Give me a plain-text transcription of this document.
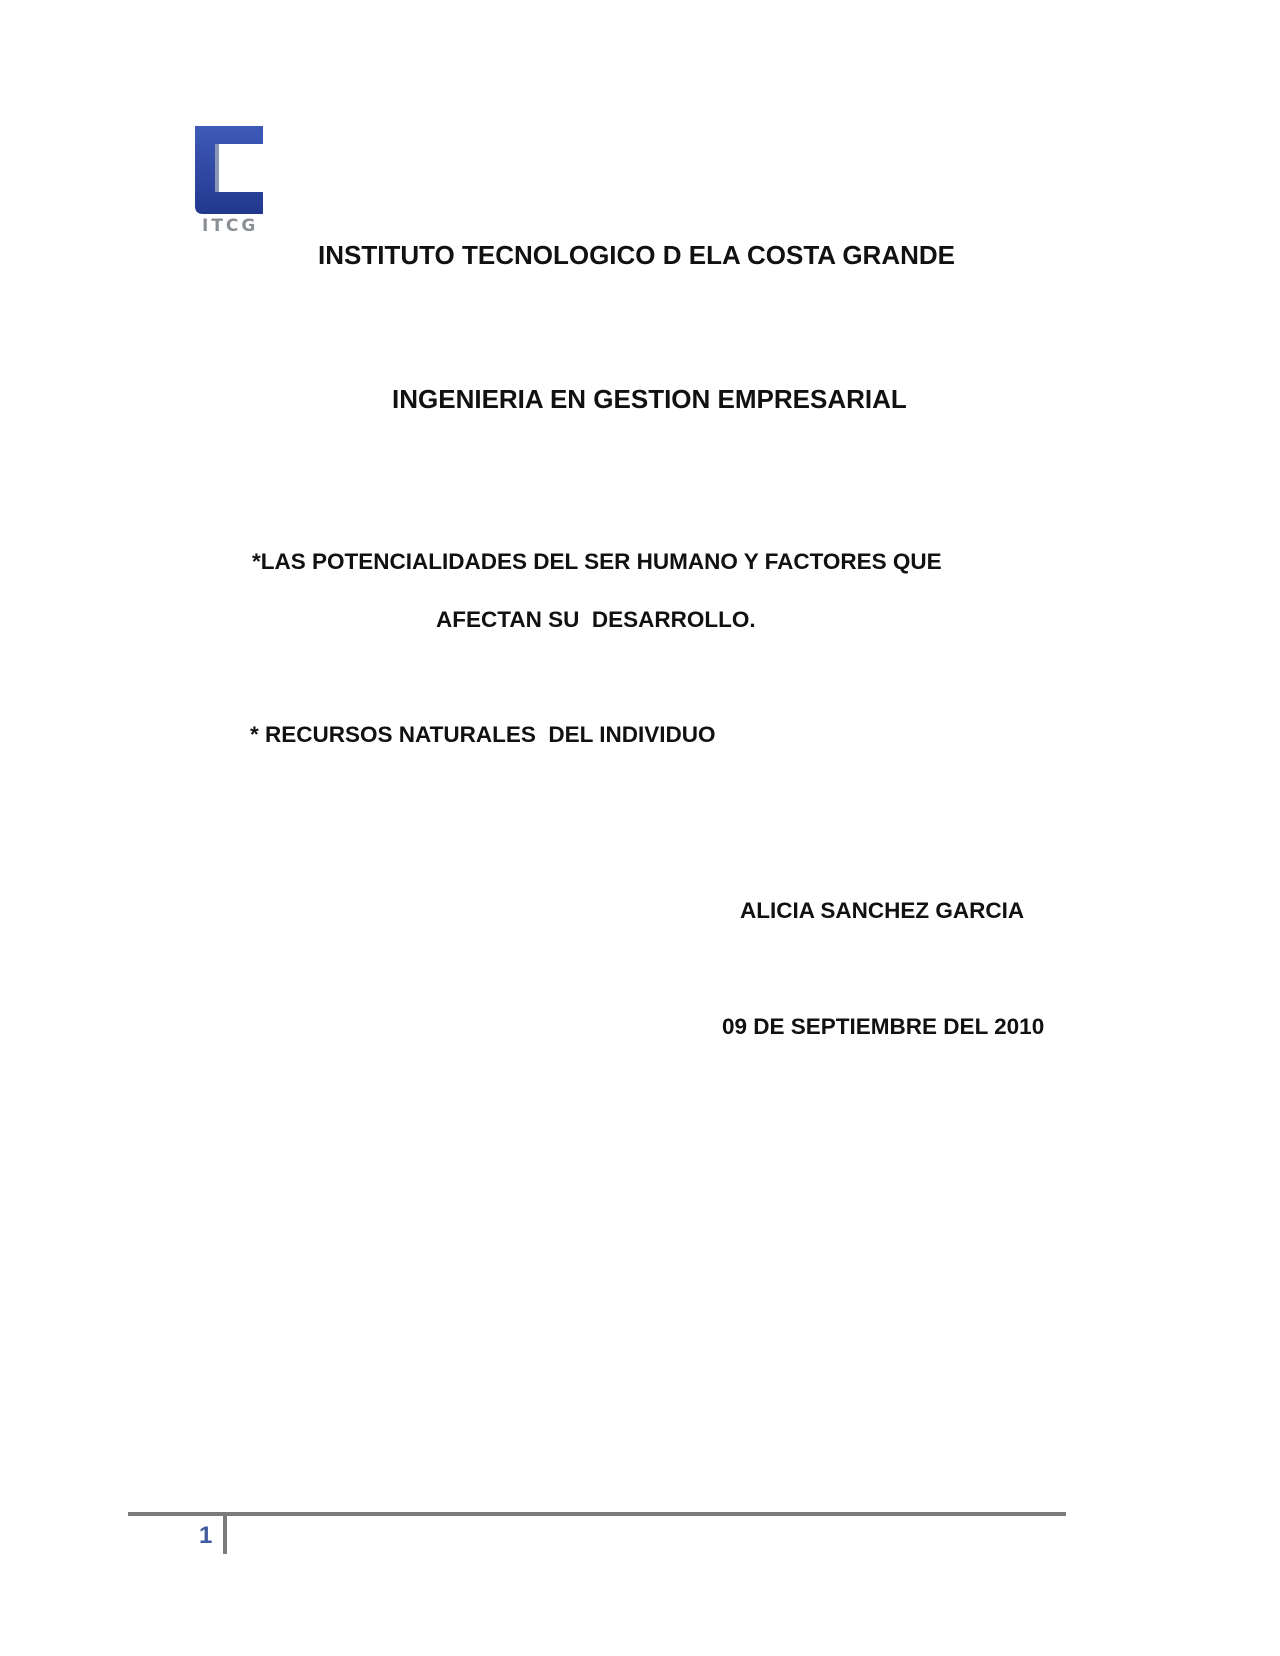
ITCG
INSTITUTO TECNOLOGICO D ELA COSTA GRANDE
INGENIERIA EN GESTION EMPRESARIAL
*LAS POTENCIALIDADES DEL SER HUMANO Y FACTORES QUE
AFECTAN SU  DESARROLLO.
* RECURSOS NATURALES  DEL INDIVIDUO
ALICIA SANCHEZ GARCIA
09 DE SEPTIEMBRE DEL 2010
1
